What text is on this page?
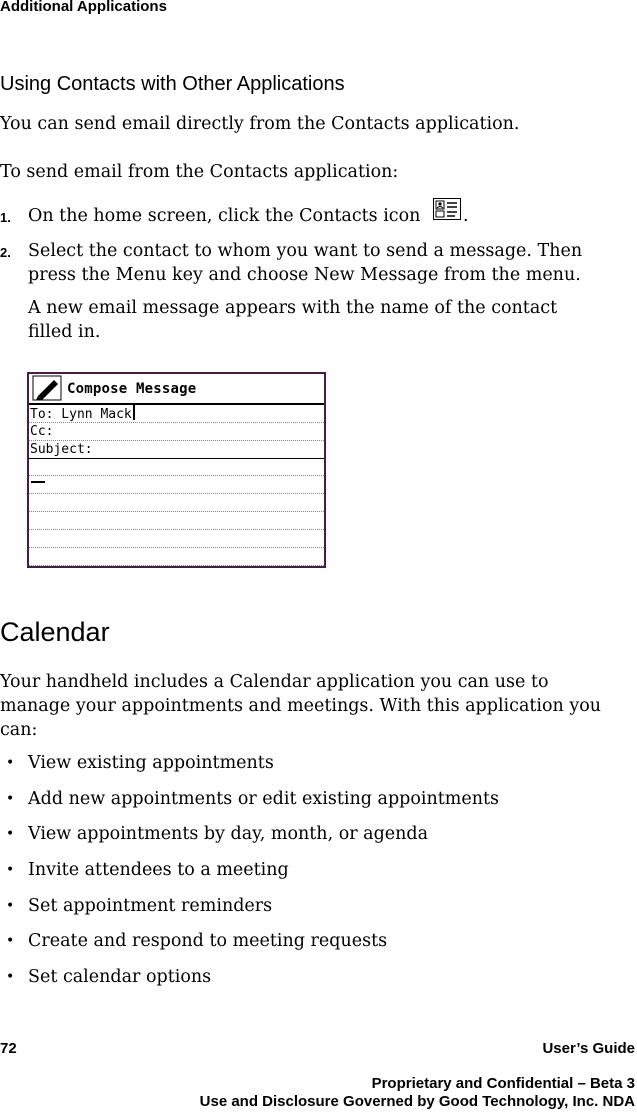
Additional Applications
Using Contacts with Other Applications
You can send email directly from the Contacts application.
To send email from the Contacts application:
1. On the home screen, click the Contacts icon .
2. Select the contact to whom you want to send a message. Then
press the Menu key and choose New Message from the menu.
A new email message appears with the name of the contact
filled in.
Compose Message
To: Lynn Mack
Cc:
Subject:
Calendar
Your handheld includes a Calendar application you can use to
manage your appointments and meetings. With this application you
can:
• View existing appointments
• Add new appointments or edit existing appointments
• View appointments by day, month, or agenda
• Invite attendees to a meeting
• Set appointment reminders
• Create and respond to meeting requests
• Set calendar options
72	User’s Guide
Proprietary and Confidential – Beta 3
Use and Disclosure Governed by Good Technology, Inc. NDA
